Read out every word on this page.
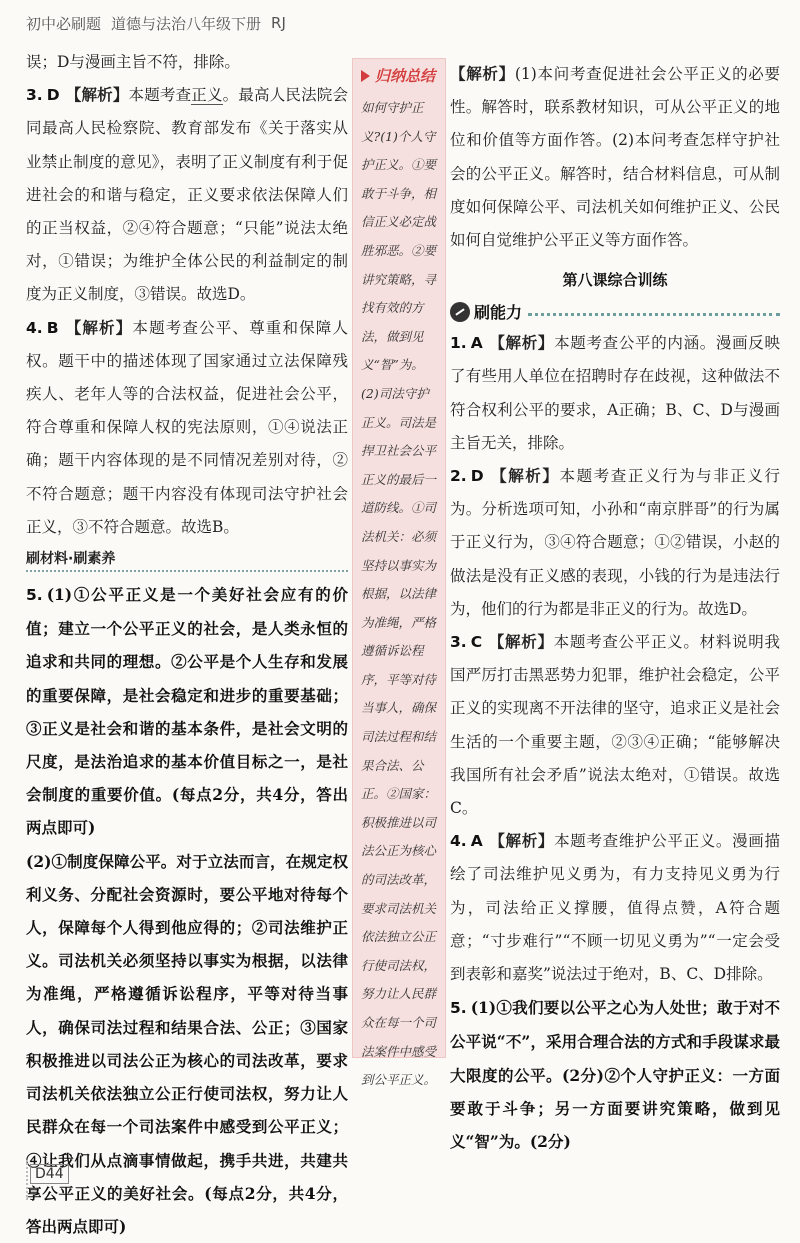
初中必刷题 道德与法治八年级下册 RJ

误；D与漫画主旨不符，排除。

3. D 【解析】本题考查正义。最高人民法院会同最高人民检察院、教育部发布《关于落实从业禁止制度的意见》，表明了正义制度有利于促进社会的和谐与稳定，正义要求依法保障人们的正当权益，②④符合题意；“只能”说法太绝对，①错误；为维护全体公民的利益制定的制度为正义制度，③错误。故选D。

4. B 【解析】本题考查公平、尊重和保障人权。题干中的描述体现了国家通过立法保障残疾人、老年人等的合法权益，促进社会公平，符合尊重和保障人权的宪法原则，①④说法正确；题干内容体现的是不同情况差别对待，②不符合题意；题干内容没有体现司法守护社会正义，③不符合题意。故选B。

刷材料·刷素养

5. (1)①公平正义是一个美好社会应有的价值；建立一个公平正义的社会，是人类永恒的追求和共同的理想。②公平是个人生存和发展的重要保障，是社会稳定和进步的重要基础；③正义是社会和谐的基本条件，是社会文明的尺度，是法治追求的基本价值目标之一，是社会制度的重要价值。(每点2分，共4分，答出两点即可)

(2)①制度保障公平。对于立法而言，在规定权利义务、分配社会资源时，要公平地对待每个人，保障每个人得到他应得的；②司法维护正义。司法机关必须坚持以事实为根据，以法律为准绳，严格遵循诉讼程序，平等对待当事人，确保司法过程和结果合法、公正；③国家积极推进以司法公正为核心的司法改革，要求司法机关依法独立公正行使司法权，努力让人民群众在每一个司法案件中感受到公平正义；④让我们从点滴事情做起，携手共进，共建共享公平正义的美好社会。(每点2分，共4分，答出两点即可)

归纳总结

如何守护正义?(1)个人守护正义。①要敢于斗争，相信正义必定战胜邪恶。②要讲究策略，寻找有效的方法，做到见义“智”为。(2)司法守护正义。司法是捍卫社会公平正义的最后一道防线。①司法机关：必须坚持以事实为根据，以法律为准绳，严格遵循诉讼程序，平等对待当事人，确保司法过程和结果合法、公正。②国家：积极推进以司法公正为核心的司法改革，要求司法机关依法独立公正行使司法权，努力让人民群众在每一个司法案件中感受到公平正义。

【解析】(1)本问考查促进社会公平正义的必要性。解答时，联系教材知识，可从公平正义的地位和价值等方面作答。(2)本问考查怎样守护社会的公平正义。解答时，结合材料信息，可从制度如何保障公平、司法机关如何维护正义、公民如何自觉维护公平正义等方面作答。

第八课综合训练
刷能力

1. A 【解析】本题考查公平的内涵。漫画反映了有些用人单位在招聘时存在歧视，这种做法不符合权利公平的要求，A正确；B、C、D与漫画主旨无关，排除。

2. D 【解析】本题考查正义行为与非正义行为。分析选项可知，小孙和“南京胖哥”的行为属于正义行为，③④符合题意；①②错误，小赵的做法是没有正义感的表现，小钱的行为是违法行为，他们的行为都是非正义的行为。故选D。

3. C 【解析】本题考查公平正义。材料说明我国严厉打击黑恶势力犯罪，维护社会稳定，公平正义的实现离不开法律的坚守，追求正义是社会生活的一个重要主题，②③④正确；“能够解决我国所有社会矛盾”说法太绝对，①错误。故选C。

4. A 【解析】本题考查维护公平正义。漫画描绘了司法维护见义勇为，有力支持见义勇为行为，司法给正义撑腰，值得点赞，A符合题意；“寸步难行”“不顾一切见义勇为”“一定会受到表彰和嘉奖”说法过于绝对，B、C、D排除。

5. (1)①我们要以公平之心为人处世；敢于对不公平说“不”，采用合理合法的方式和手段谋求最大限度的公平。(2分)②个人守护正义：一方面要敢于斗争；另一方面要讲究策略，做到见义“智”为。(2分)

D44
